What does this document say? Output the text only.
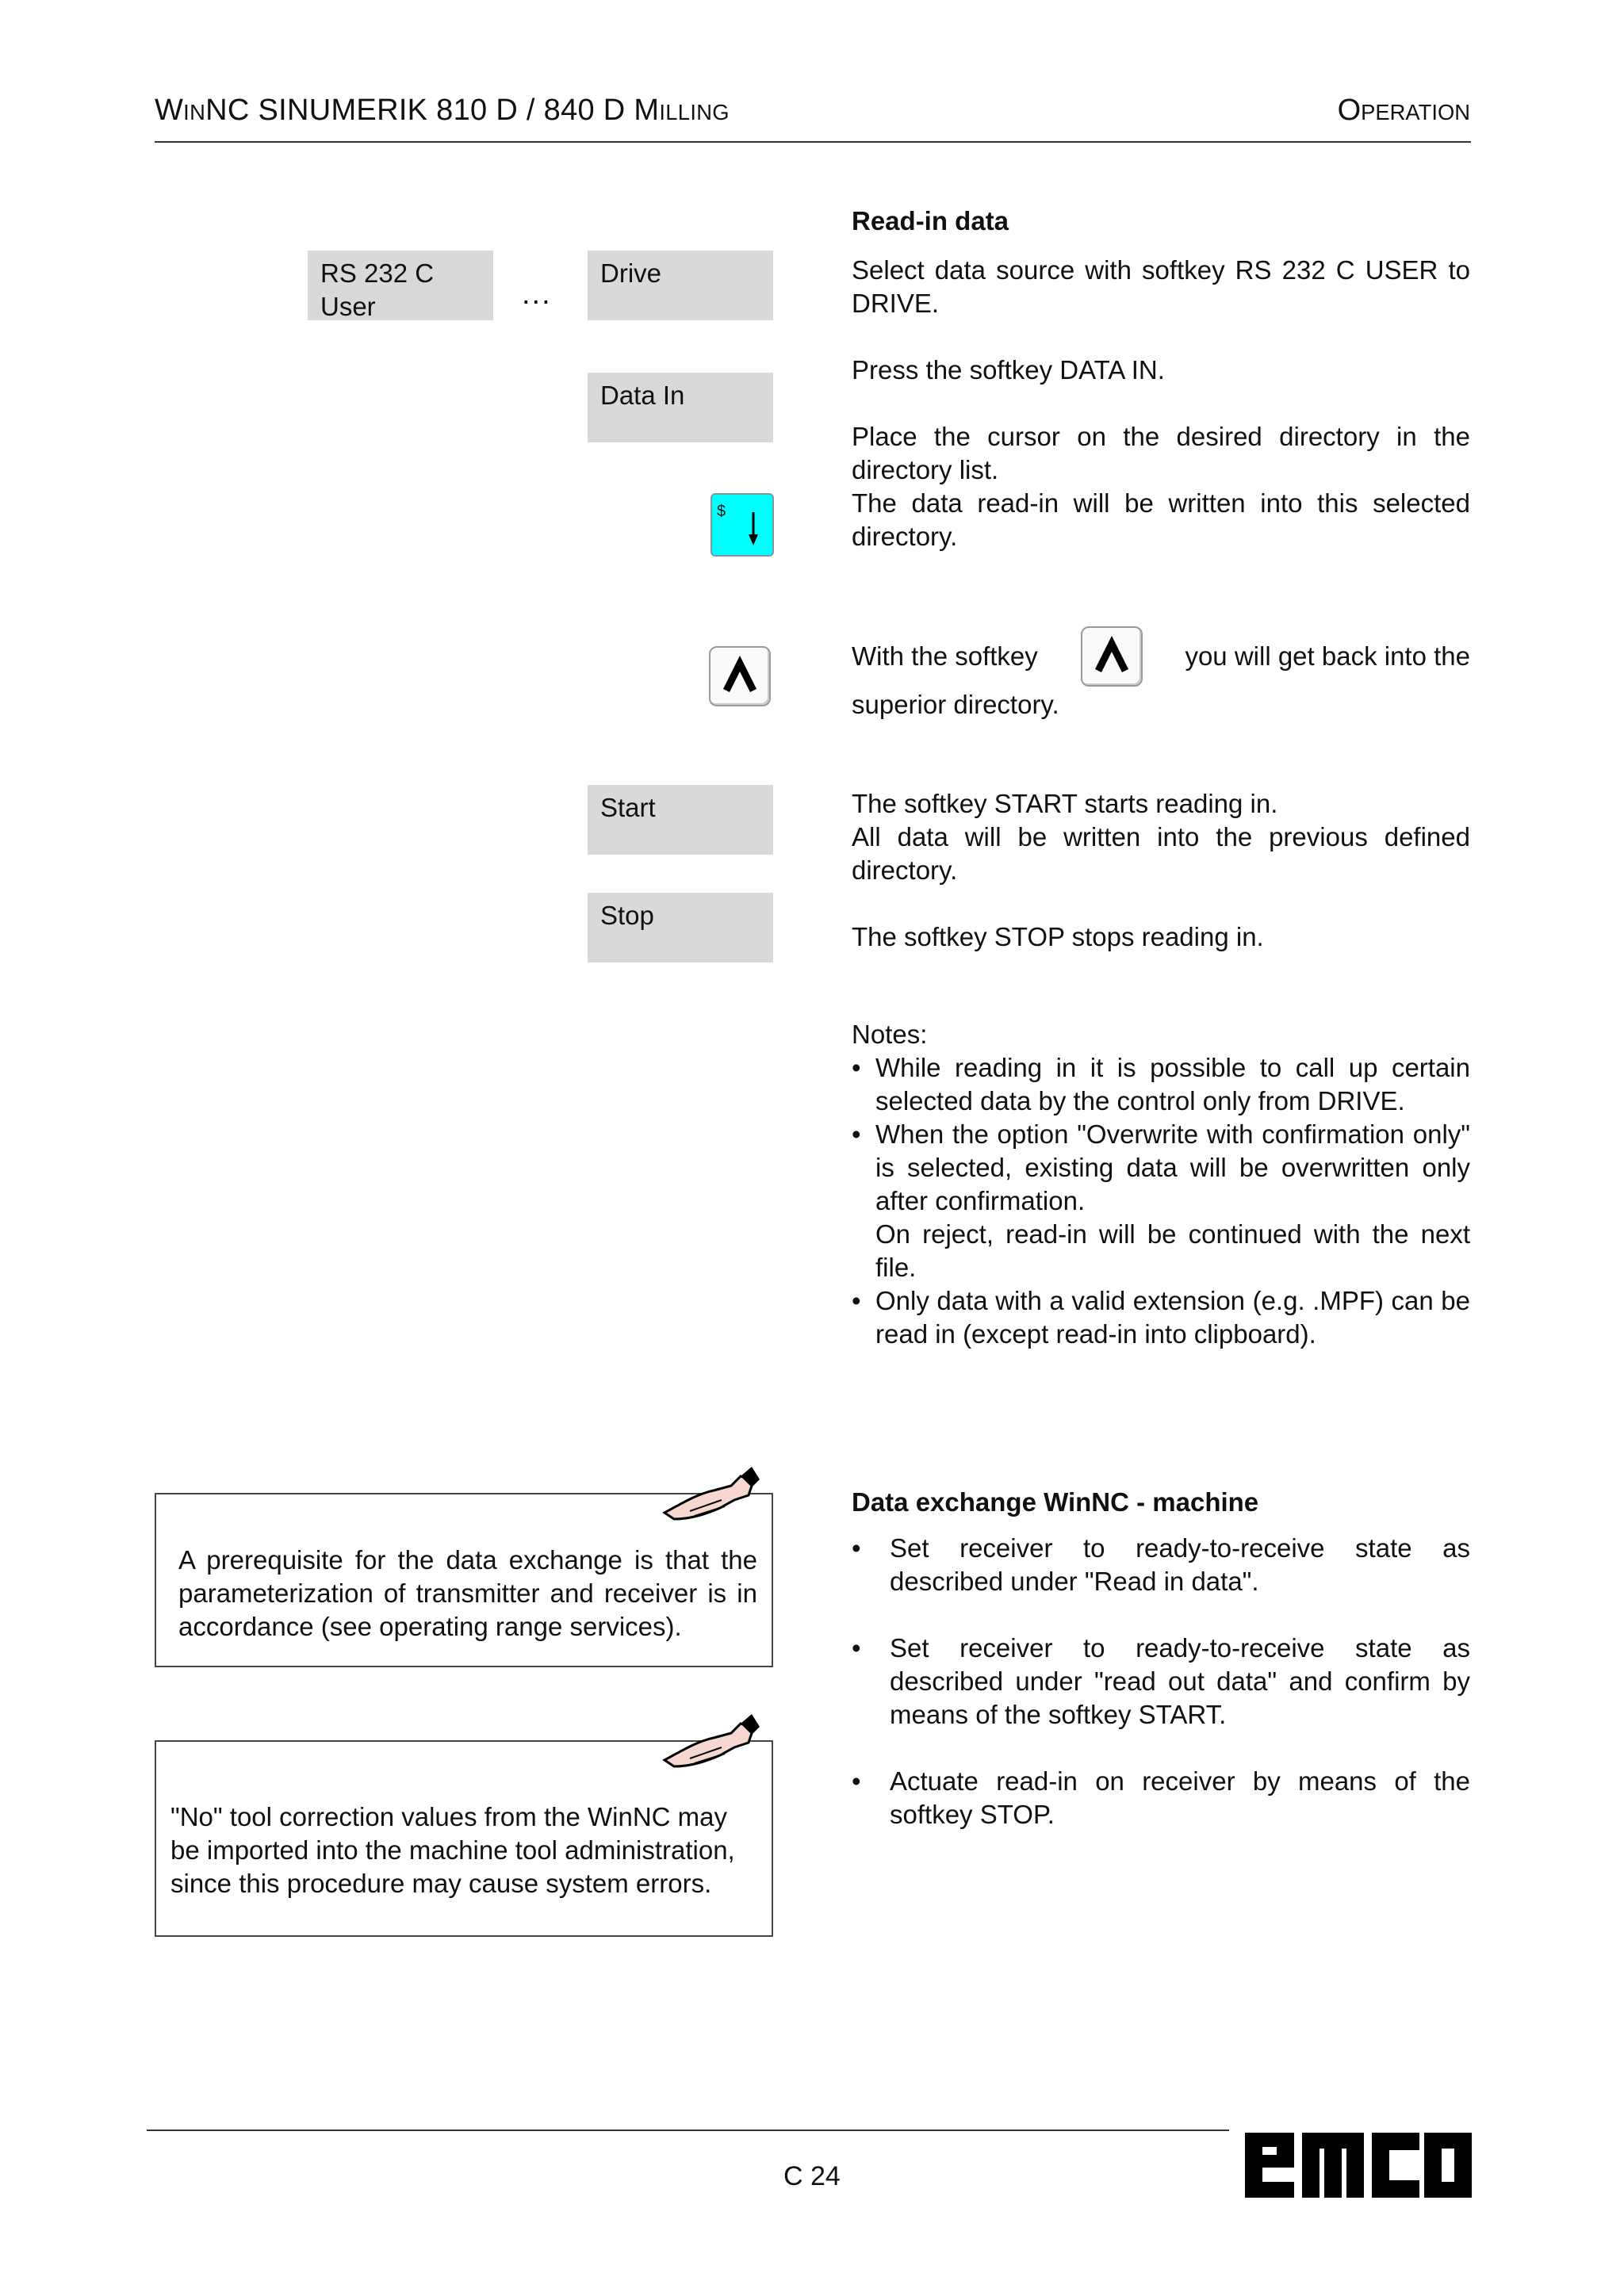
WINNC SINUMERIK 810 D / 840 D MILLING	OPERATION
RS 232 C
User	...
Drive
Data In
$
Start
Stop

Read-in data

Select data source with softkey RS 232 C USER to DRIVE.

Press the softkey DATA IN.

Place the cursor on the desired directory in the directory list.

The data read-in will be written into this selected directory.

With the softkey	you will get back into the
superior directory.

The softkey START starts reading in.

All data will be written into the previous defined directory.

The softkey STOP stops reading in.

Notes:

• While reading in it is possible to call up certain selected data by the control only from DRIVE.
• When the option "Overwrite with confirmation only" is selected, existing data will be overwritten only after confirmation.
On reject, read-in will be continued with the next file.
• Only data with a valid extension (e.g. .MPF) can be read in (except read-in into clipboard).

Data exchange WinNC - machine

• Set receiver to ready-to-receive state as described under "Read in data".
• Set receiver to ready-to-receive state as described under "read out data" and confirm by means of the softkey START.
• Actuate read-in on receiver by means of the softkey STOP.
A prerequisite for the data exchange is that the parameterization of transmitter and receiver is in accordance (see operating range services).
"No" tool correction values from the WinNC may be imported into the machine tool administration, since this procedure may cause system errors.
C 24
